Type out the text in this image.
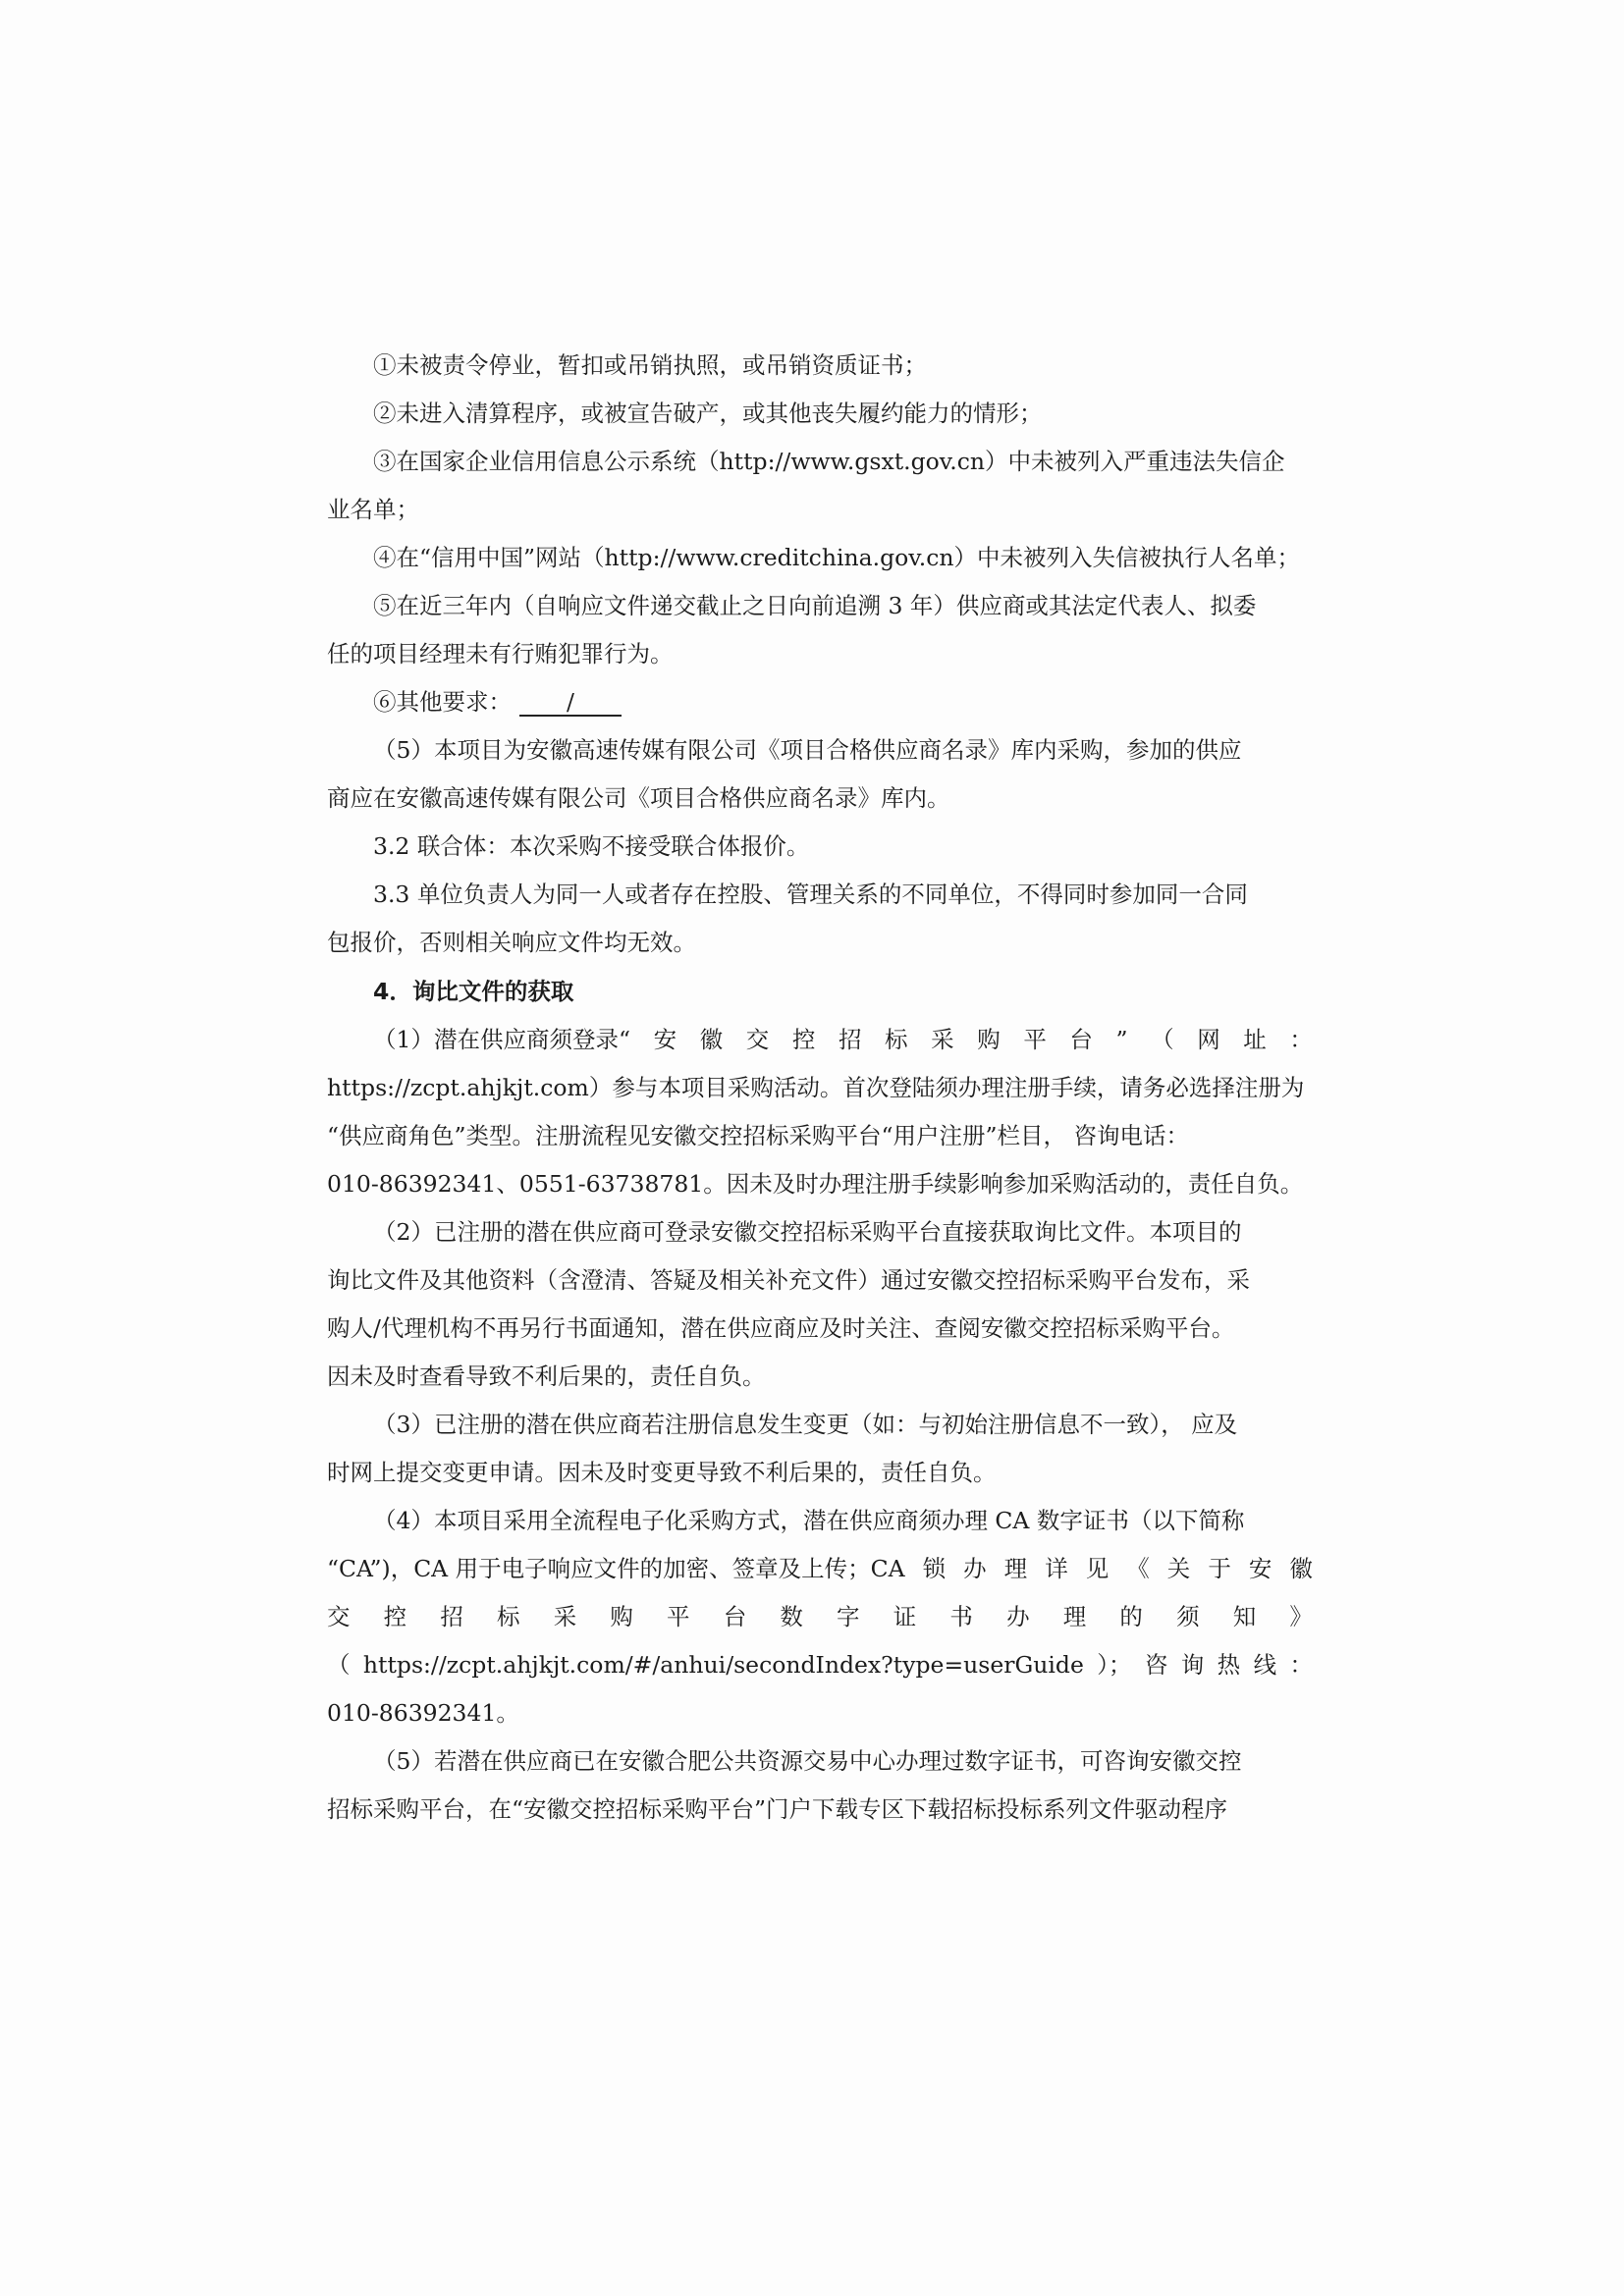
①未被责令停业，暂扣或吊销执照，或吊销资质证书；
②未进入清算程序，或被宣告破产，或其他丧失履约能力的情形；
③在国家企业信用信息公示系统（http://www.gsxt.gov.cn）中未被列入严重违法失信企
业名单；
④在“信用中国”网站（http://www.creditchina.gov.cn）中未被列入失信被执行人名单；
⑤在近三年内（自响应文件递交截止之日向前追溯 3 年）供应商或其法定代表人、拟委
任的项目经理未有行贿犯罪行为。
⑥其他要求： /
（5）本项目为安徽高速传媒有限公司《项目合格供应商名录》库内采购，参加的供应
商应在安徽高速传媒有限公司《项目合格供应商名录》库内。
3.2 联合体：本次采购不接受联合体报价。
3.3 单位负责人为同一人或者存在控股、管理关系的不同单位，不得同时参加同一合同
包报价，否则相关响应文件均无效。
4．询比文件的获取
（1）潜在供应商须登录“ 安 徽 交 控 招 标 采 购 平 台 ” （ 网 址 ：
https://zcpt.ahjkjt.com）参与本项目采购活动。首次登陆须办理注册手续，请务必选择注册为
“供应商角色”类型。注册流程见安徽交控招标采购平台“用户注册”栏目， 咨询电话：
010-86392341、0551-63738781。因未及时办理注册手续影响参加采购活动的，责任自负。
（2）已注册的潜在供应商可登录安徽交控招标采购平台直接获取询比文件。本项目的
询比文件及其他资料（含澄清、答疑及相关补充文件）通过安徽交控招标采购平台发布，采
购人/代理机构不再另行书面通知，潜在供应商应及时关注、查阅安徽交控招标采购平台。
因未及时查看导致不利后果的，责任自负。
（3）已注册的潜在供应商若注册信息发生变更（如：与初始注册信息不一致）， 应及
时网上提交变更申请。因未及时变更导致不利后果的，责任自负。
（4）本项目采用全流程电子化采购方式，潜在供应商须办理 CA 数字证书（以下简称
“CA”)，CA 用于电子响应文件的加密、签章及上传；CA 锁 办 理 详 见 《 关 于 安 徽
交 控 招 标 采 购 平 台 数 字 证 书 办 理 的 须 知 》
（ https://zcpt.ahjkjt.com/#/anhui/secondIndex?type=userGuide ）； 咨 询 热 线 ：
010-86392341。
（5）若潜在供应商已在安徽合肥公共资源交易中心办理过数字证书，可咨询安徽交控
招标采购平台，在“安徽交控招标采购平台”门户下载专区下载招标投标系列文件驱动程序
